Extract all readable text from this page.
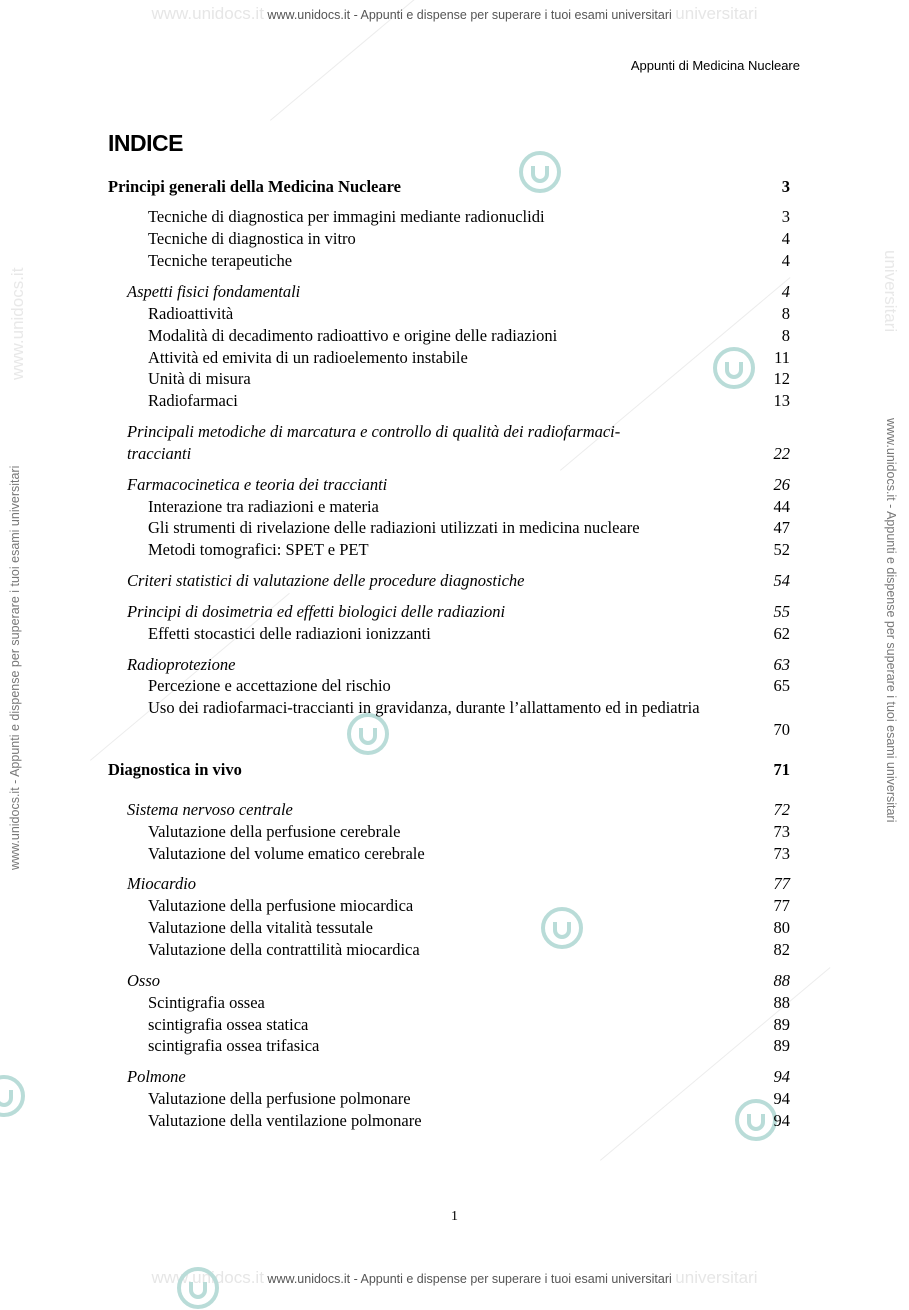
www.unidocs.it www.unidocs.it - Appunti e dispense per superare i tuoi esami universitari universitari
www.unidocs.it www.unidocs.it - Appunti e dispense per superare i tuoi esami universitari universitari
www.unidocs.it - Appunti e dispense per superare i tuoi esami universitari	www.unidocs.it - Appunti e dispense per superare i tuoi esami universitari
www.unidocs.it	universitari
Appunti di Medicina Nucleare
INDICE
Principi generali della Medicina Nucleare	3
Tecniche di diagnostica per immagini mediante radionuclidi	3
Tecniche di diagnostica in vitro	4
Tecniche terapeutiche	4
Aspetti fisici fondamentali	4
Radioattività	8
Modalità di decadimento radioattivo e origine delle radiazioni	8
Attività ed emivita di un radioelemento instabile	11
Unità di misura	12
Radiofarmaci	13
Principali metodiche di marcatura e controllo di qualità dei radiofarmaci-
traccianti	22
Farmacocinetica e teoria dei traccianti	26
Interazione tra radiazioni e materia	44
Gli strumenti di rivelazione delle radiazioni utilizzati in medicina nucleare	47
Metodi tomografici: SPET e PET	52
Criteri statistici di valutazione delle procedure diagnostiche	54
Principi di dosimetria ed effetti biologici delle radiazioni	55
Effetti stocastici delle radiazioni ionizzanti	62
Radioprotezione	63
Percezione e accettazione del rischio	65
Uso dei radiofarmaci-traccianti in gravidanza, durante l’allattamento ed in pediatria
70
Diagnostica in vivo	71
Sistema nervoso centrale	72
Valutazione della perfusione cerebrale	73
Valutazione del volume ematico cerebrale	73
Miocardio	77
Valutazione della perfusione miocardica	77
Valutazione della vitalità tessutale	80
Valutazione della contrattilità miocardica	82
Osso	88
Scintigrafia ossea	88
scintigrafia ossea statica	89
scintigrafia ossea trifasica	89
Polmone	94
Valutazione della perfusione polmonare	94
Valutazione della ventilazione polmonare	94
1
